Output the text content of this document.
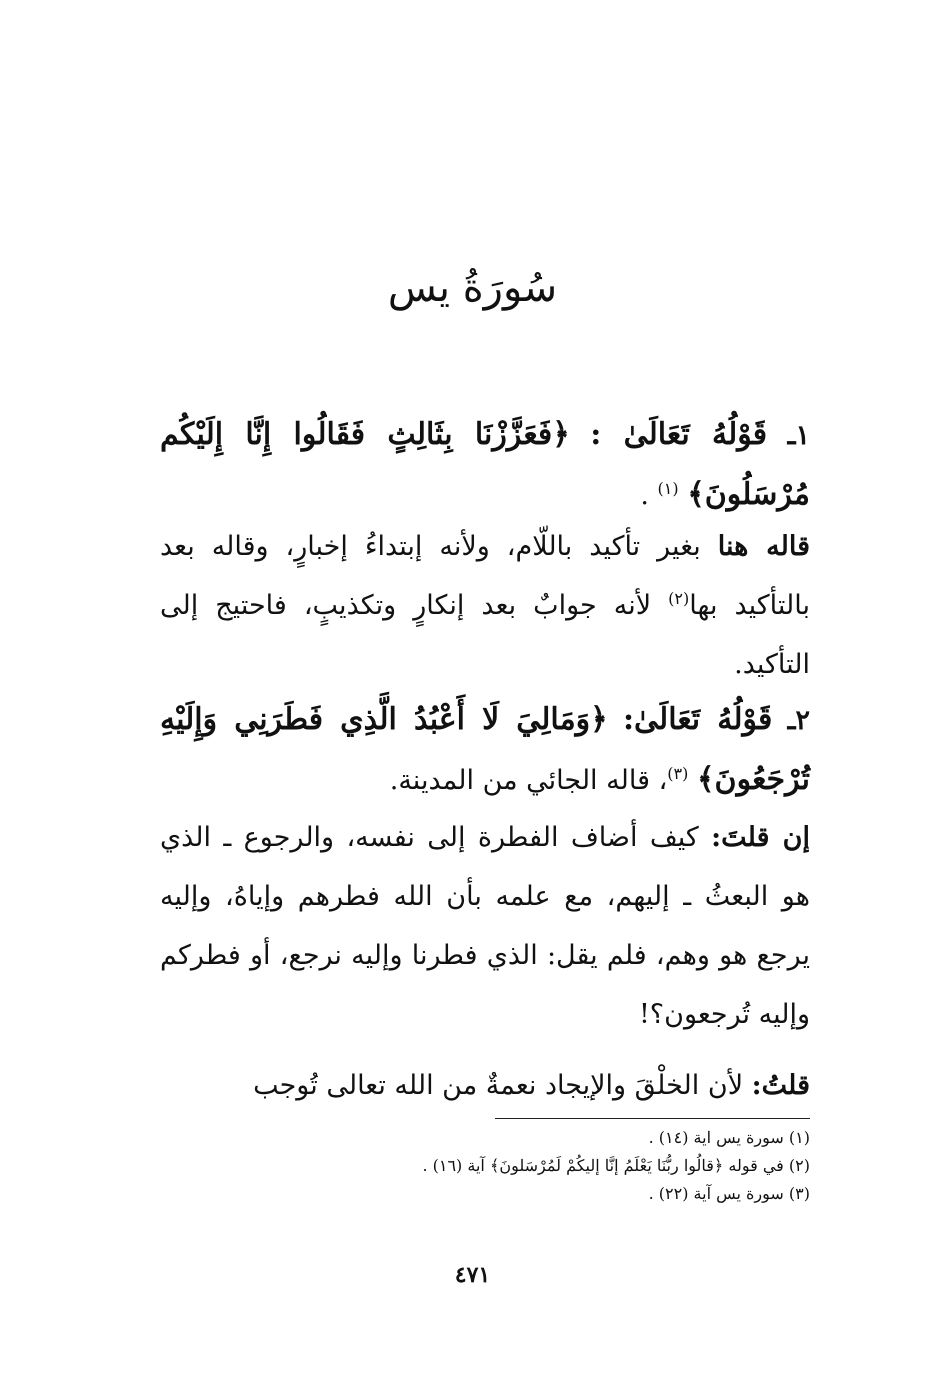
سُورَةُ يس

١ـ قَوْلُهُ تَعَالَىٰ : ﴿فَعَزَّزْنَا بِثَالِثٍ فَقَالُوا إِنَّا إِلَيْكُم مُرْسَلُونَ﴾ $^{(١)}$ .

قاله هنا بغير تأكيد باللّام، ولأنه إبتداءُ إخبارٍ، وقاله بعد بالتأكيد بها$^{(٢)}$ لأنه جوابٌ بعد إنكارٍ وتكذيبٍ، فاحتيج إلى التأكيد.

٢ـ قَوْلُهُ تَعَالَىٰ: ﴿وَمَالِيَ لَا أَعْبُدُ الَّذِي فَطَرَنِي وَإِلَيْهِ تُرْجَعُونَ﴾ $^{(٣)}$، قاله الجائي من المدينة.

إن قلتَ: كيف أضاف الفطرة إلى نفسه، والرجوع ـ الذي هو البعثُ ـ إليهم، مع علمه بأن الله فطرهم وإياهُ، وإليه يرجع هو وهم، فلم يقل: الذي فطرنا وإليه نرجع، أو فطركم وإليه تُرجعون؟!

قلتُ: لأن الخلْقَ والإيجاد نعمةٌ من الله تعالى تُوجب

(١) سورة يس اية (١٤) .
(٢) في قوله ﴿قالُوا ربُّنَا يَعْلَمُ إنَّا إليكُمْ لَمُرْسَلونَ﴾ آية (١٦) .
(٣) سورة يس آية (٢٢) .
٤٧١
